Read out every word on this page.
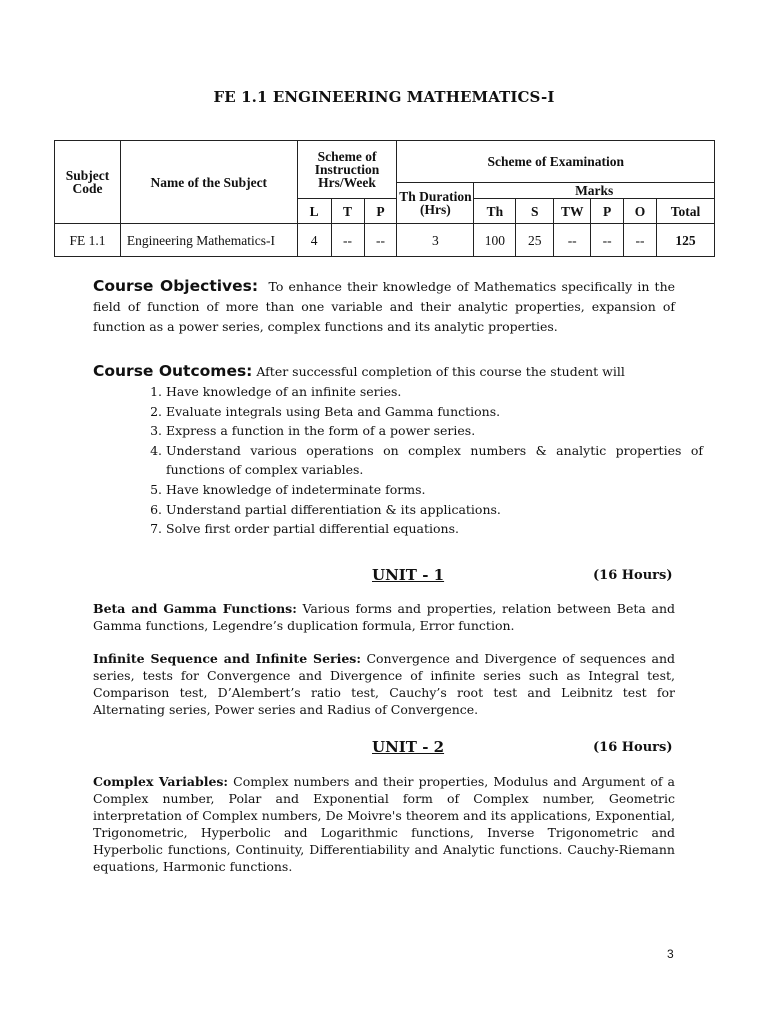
FE 1.1 ENGINEERING MATHEMATICS-I
Subject Code	Name of the Subject	Scheme of Instruction Hrs/Week			Scheme of Examination						
					Th Duration (Hrs)	Marks					
		L	T	P		Th	S	TW	P	O	Total
FE 1.1	Engineering Mathematics-I	4	--	--	3	100	25	--	--	--	125
Course Objectives: To enhance their knowledge of Mathematics specifically in the field of function of more than one variable and their analytic properties, expansion of function as a power series, complex functions and its analytic properties.
Course Outcomes: After successful completion of this course the student will
1. Have knowledge of an infinite series.
2. Evaluate integrals using Beta and Gamma functions.
3. Express a function in the form of a power series.
4. Understand various operations on complex numbers & analytic properties of functions of complex variables.
5. Have knowledge of indeterminate forms.
6. Understand partial differentiation & its applications.
7. Solve first order partial differential equations.
UNIT - 1	(16 Hours)
Beta and Gamma Functions: Various forms and properties, relation between Beta and Gamma functions, Legendre’s duplication formula, Error function.
Infinite Sequence and Infinite Series: Convergence and Divergence of sequences and series, tests for Convergence and Divergence of infinite series such as Integral test, Comparison test, D’Alembert’s ratio test, Cauchy’s root test and Leibnitz test for Alternating series, Power series and Radius of Convergence.
UNIT - 2	(16 Hours)
Complex Variables: Complex numbers and their properties, Modulus and Argument of a Complex number, Polar and Exponential form of Complex number, Geometric interpretation of Complex numbers, De Moivre's theorem and its applications, Exponential, Trigonometric, Hyperbolic and Logarithmic functions, Inverse Trigonometric and Hyperbolic functions, Continuity, Differentiability and Analytic functions. Cauchy-Riemann equations, Harmonic functions.
3
